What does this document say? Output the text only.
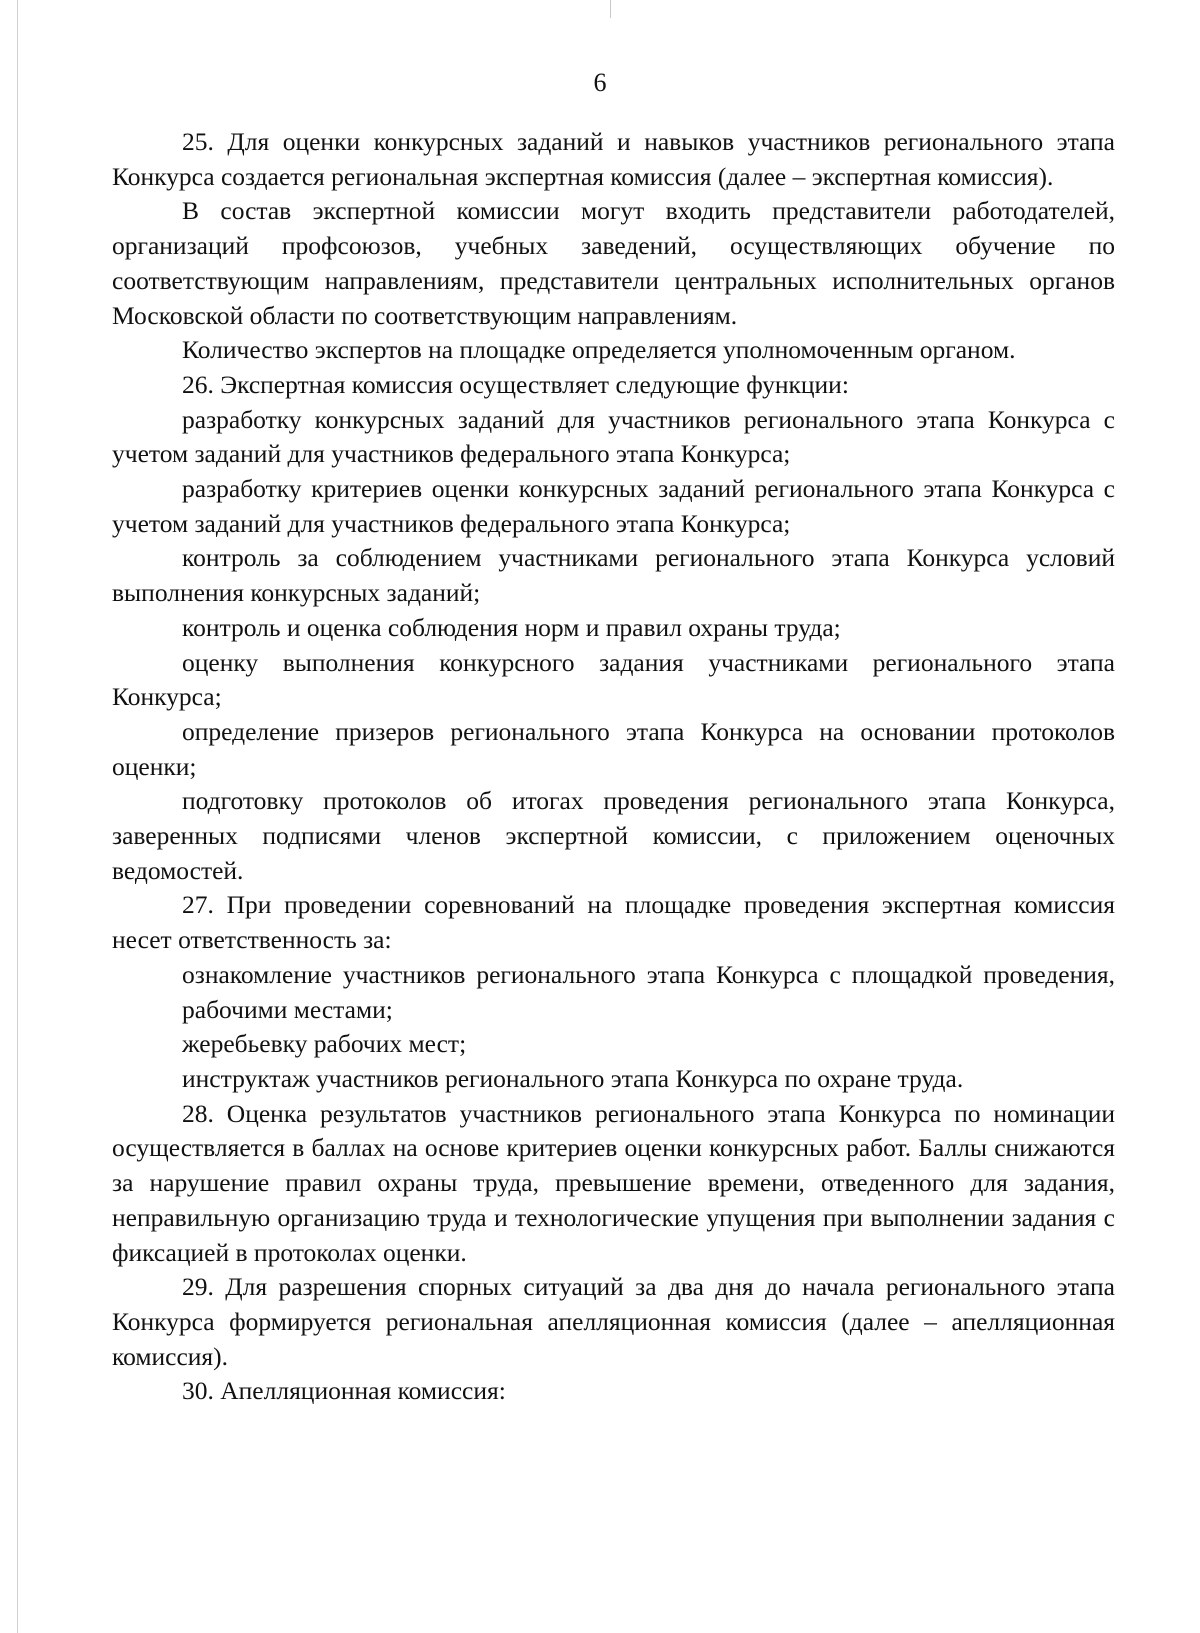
6

25. Для оценки конкурсных заданий и навыков участников регионального этапа Конкурса создается региональная экспертная комиссия (далее – экспертная комиссия).

В состав экспертной комиссии могут входить представители работодателей, организаций профсоюзов, учебных заведений, осуществляющих обучение по соответствующим направлениям, представители центральных исполнительных органов Московской области по соответствующим направлениям.

Количество экспертов на площадке определяется уполномоченным органом.

26. Экспертная комиссия осуществляет следующие функции:

разработку конкурсных заданий для участников регионального этапа Конкурса с учетом заданий для участников федерального этапа Конкурса;

разработку критериев оценки конкурсных заданий регионального этапа Конкурса с учетом заданий для участников федерального этапа Конкурса;

контроль за соблюдением участниками регионального этапа Конкурса условий выполнения конкурсных заданий;

контроль и оценка соблюдения норм и правил охраны труда;

оценку выполнения конкурсного задания участниками регионального этапа Конкурса;

определение призеров регионального этапа Конкурса на основании протоколов оценки;

подготовку протоколов об итогах проведения регионального этапа Конкурса, заверенных подписями членов экспертной комиссии, с приложением оценочных ведомостей.

27. При проведении соревнований на площадке проведения экспертная комиссия несет ответственность за:

ознакомление участников регионального этапа Конкурса с площадкой проведения, рабочими местами;

жеребьевку рабочих мест;

инструктаж участников регионального этапа Конкурса по охране труда.

28. Оценка результатов участников регионального этапа Конкурса по номинации осуществляется в баллах на основе критериев оценки конкурсных работ. Баллы снижаются за нарушение правил охраны труда, превышение времени, отведенного для задания, неправильную организацию труда и технологические упущения при выполнении задания с фиксацией в протоколах оценки.

29. Для разрешения спорных ситуаций за два дня до начала регионального этапа Конкурса формируется региональная апелляционная комиссия (далее – апелляционная комиссия).

30. Апелляционная комиссия:
